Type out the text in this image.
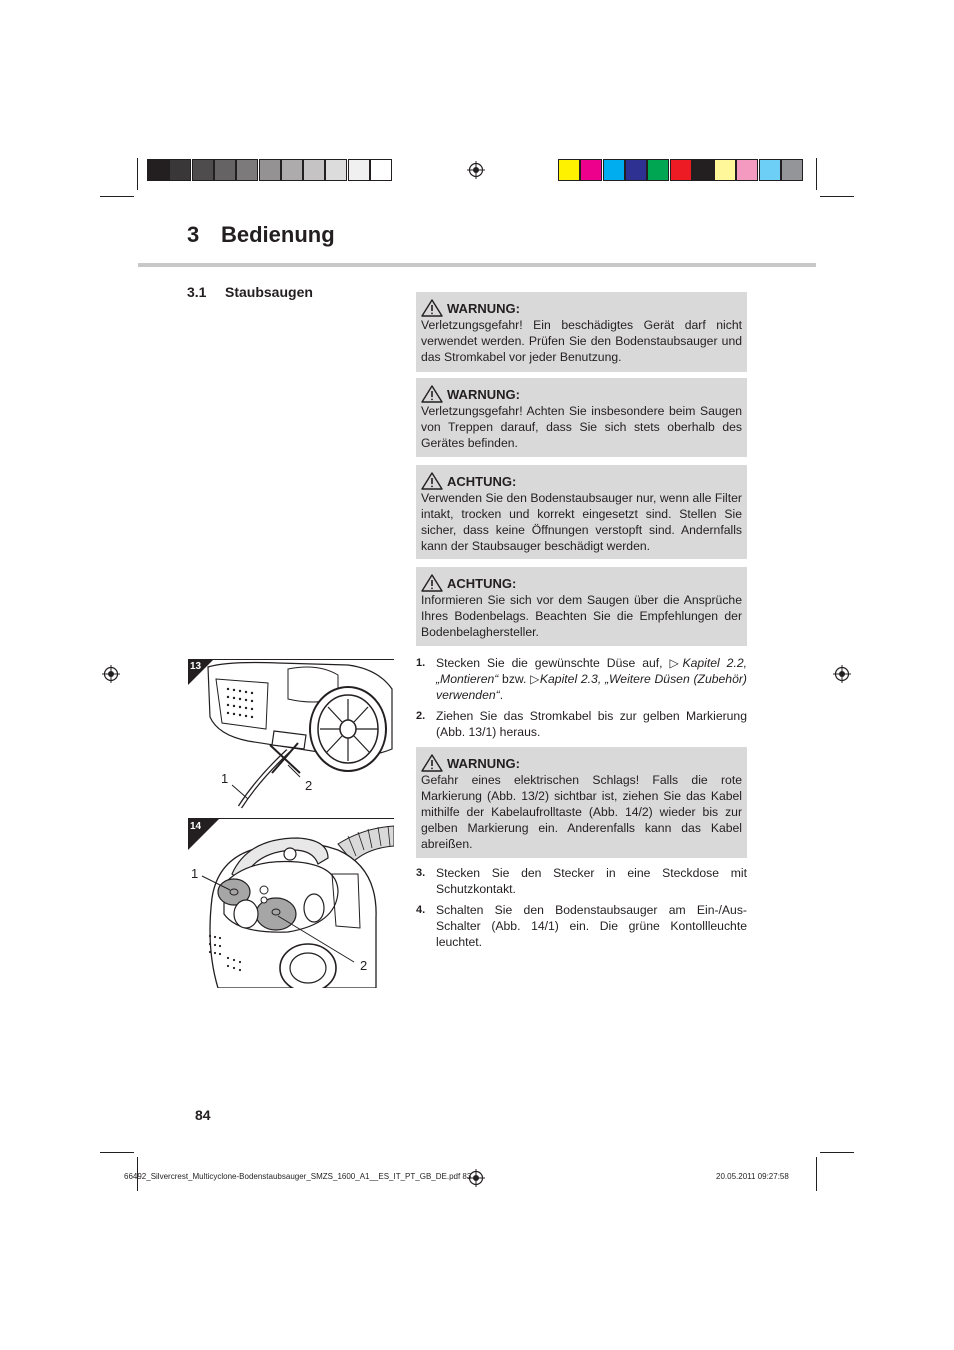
3 Bedienung
3.1 Staubsaugen
WARNUNG:
Verletzungsgefahr! Ein beschädigtes Gerät darf nicht verwendet werden. Prüfen Sie den Bodenstaubsauger und das Stromkabel vor jeder Benutzung.
WARNUNG:
Verletzungsgefahr! Achten Sie insbesondere beim Saugen von Treppen darauf, dass Sie sich stets oberhalb des Gerätes befinden.
ACHTUNG:
Verwenden Sie den Bodenstaubsauger nur, wenn alle Filter intakt, trocken und korrekt eingesetzt sind. Stellen Sie sicher, dass keine Öffnungen verstopft sind. Andernfalls kann der Staubsauger beschädigt werden.
ACHTUNG:
Informieren Sie sich vor dem Saugen über die Ansprüche Ihres Bodenbelags. Beachten Sie die Empfehlungen der Bodenbelaghersteller.
1. Stecken Sie die gewünschte Düse auf, ▷Kapitel 2.2, „Montieren“ bzw. ▷Kapitel 2.3, „Weitere Düsen (Zubehör) verwenden“.
2. Ziehen Sie das Stromkabel bis zur gelben Markierung (Abb. 13/1) heraus.
WARNUNG:
Gefahr eines elektrischen Schlags! Falls die rote Markierung (Abb. 13/2) sichtbar ist, ziehen Sie das Kabel mithilfe der Kabelaufrolltaste (Abb. 14/2) wieder bis zur gelben Markierung ein. Anderenfalls kann das Kabel abreißen.
3. Stecken Sie den Stecker in eine Steckdose mit Schutzkontakt.
4. Schalten Sie den Bodenstaubsauger am Ein-/Aus-Schalter (Abb. 14/1) ein. Die grüne Kontollleuchte leuchtet.
13
1	2
14
1
2
84
66492_Silvercrest_Multicyclone-Bodenstaubsauger_SMZS_1600_A1__ES_IT_PT_GB_DE.pdf 83	20.05.2011 09:27:58
